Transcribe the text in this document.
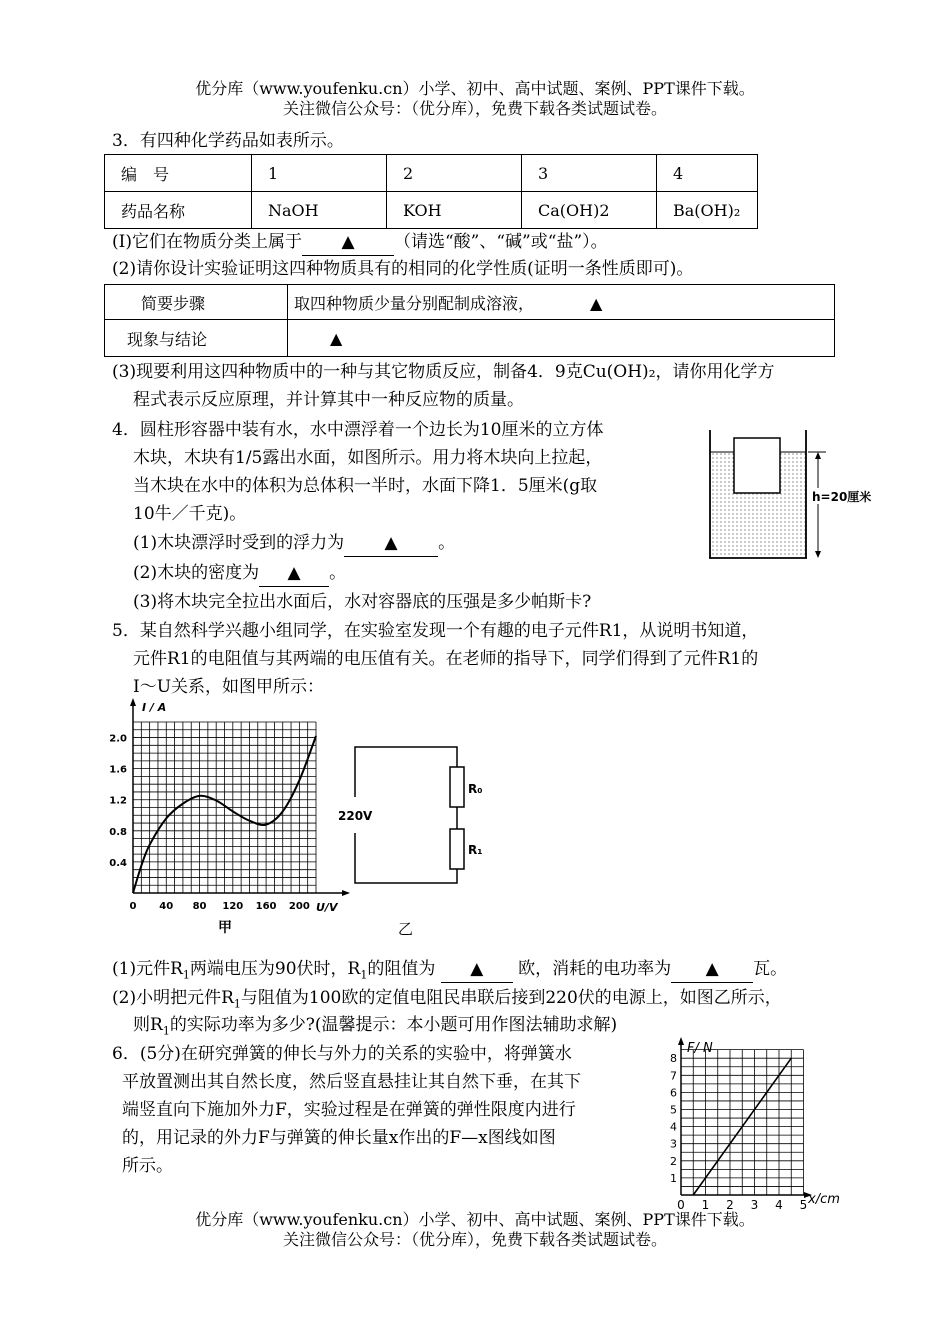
优分库（www.youfenku.cn）小学、初中、高中试题、案例、PPT课件下载。
关注微信公众号：（优分库），免费下载各类试题试卷。
3．有四种化学药品如表所示。
编　号	1	2	3	4
药品名称	NaOH	KOH	Ca(OH)2	Ba(OH)₂
(Ⅰ)它们在物质分类上属于 ▲ （请选“酸”、“碱”或“盐”）。
(2)请你设计实验证明这四种物质具有的相同的化学性质(证明一条性质即可)。
简要步骤	取四种物质少量分别配制成溶液， ▲
现象与结论	▲
(3)现要利用这四种物质中的一种与其它物质反应，制备4．9克Cu(OH)₂，请你用化学方
程式表示反应原理，并计算其中一种反应物的质量。
4．圆柱形容器中装有水，水中漂浮着一个边长为10厘米的立方体
木块，木块有1/5露出水面，如图所示。用力将木块向上拉起，
当木块在水中的体积为总体积一半时，水面下降1．5厘米(g取
10牛／千克)。
(1)木块漂浮时受到的浮力为 ▲ 。
(2)木块的密度为 ▲ 。
(3)将木块完全拉出水面后，水对容器底的压强是多少帕斯卡?
h=20厘米
5．某自然科学兴趣小组同学，在实验室发现一个有趣的电子元件R1，从说明书知道，
元件R1的电阻值与其两端的电压值有关。在老师的指导下，同学们得到了元件R1的
I～U关系，如图甲所示：
I / A
U/V
0 40 80 120 160 200
0.4
0.8
1.2
1.6
2.0
甲
220V
R₀
R₁
乙
(1)元件$R_1$两端电压为90伏时，$R_1$的阻值为 ▲ 欧，消耗的电功率为 ▲ 瓦。
(2)小明把元件$R_1$与阻值为100欧的定值电阻民串联后接到220伏的电源上，如图乙所示，
则$R_1$的实际功率为多少?(温馨提示：本小题可用作图法辅助求解)
6．(5分)在研究弹簧的伸长与外力的关系的实验中，将弹簧水
平放置测出其自然长度，然后竖直悬挂让其自然下垂，在其下
端竖直向下施加外力F，实验过程是在弹簧的弹性限度内进行
的，用记录的外力F与弹簧的伸长量x作出的F—x图线如图
所示。
F/ N
x/cm
0 1 2 3 4 5
1
2
3
4
5
6
7
8
优分库（www.youfenku.cn）小学、初中、高中试题、案例、PPT课件下载。
关注微信公众号：（优分库），免费下载各类试题试卷。
